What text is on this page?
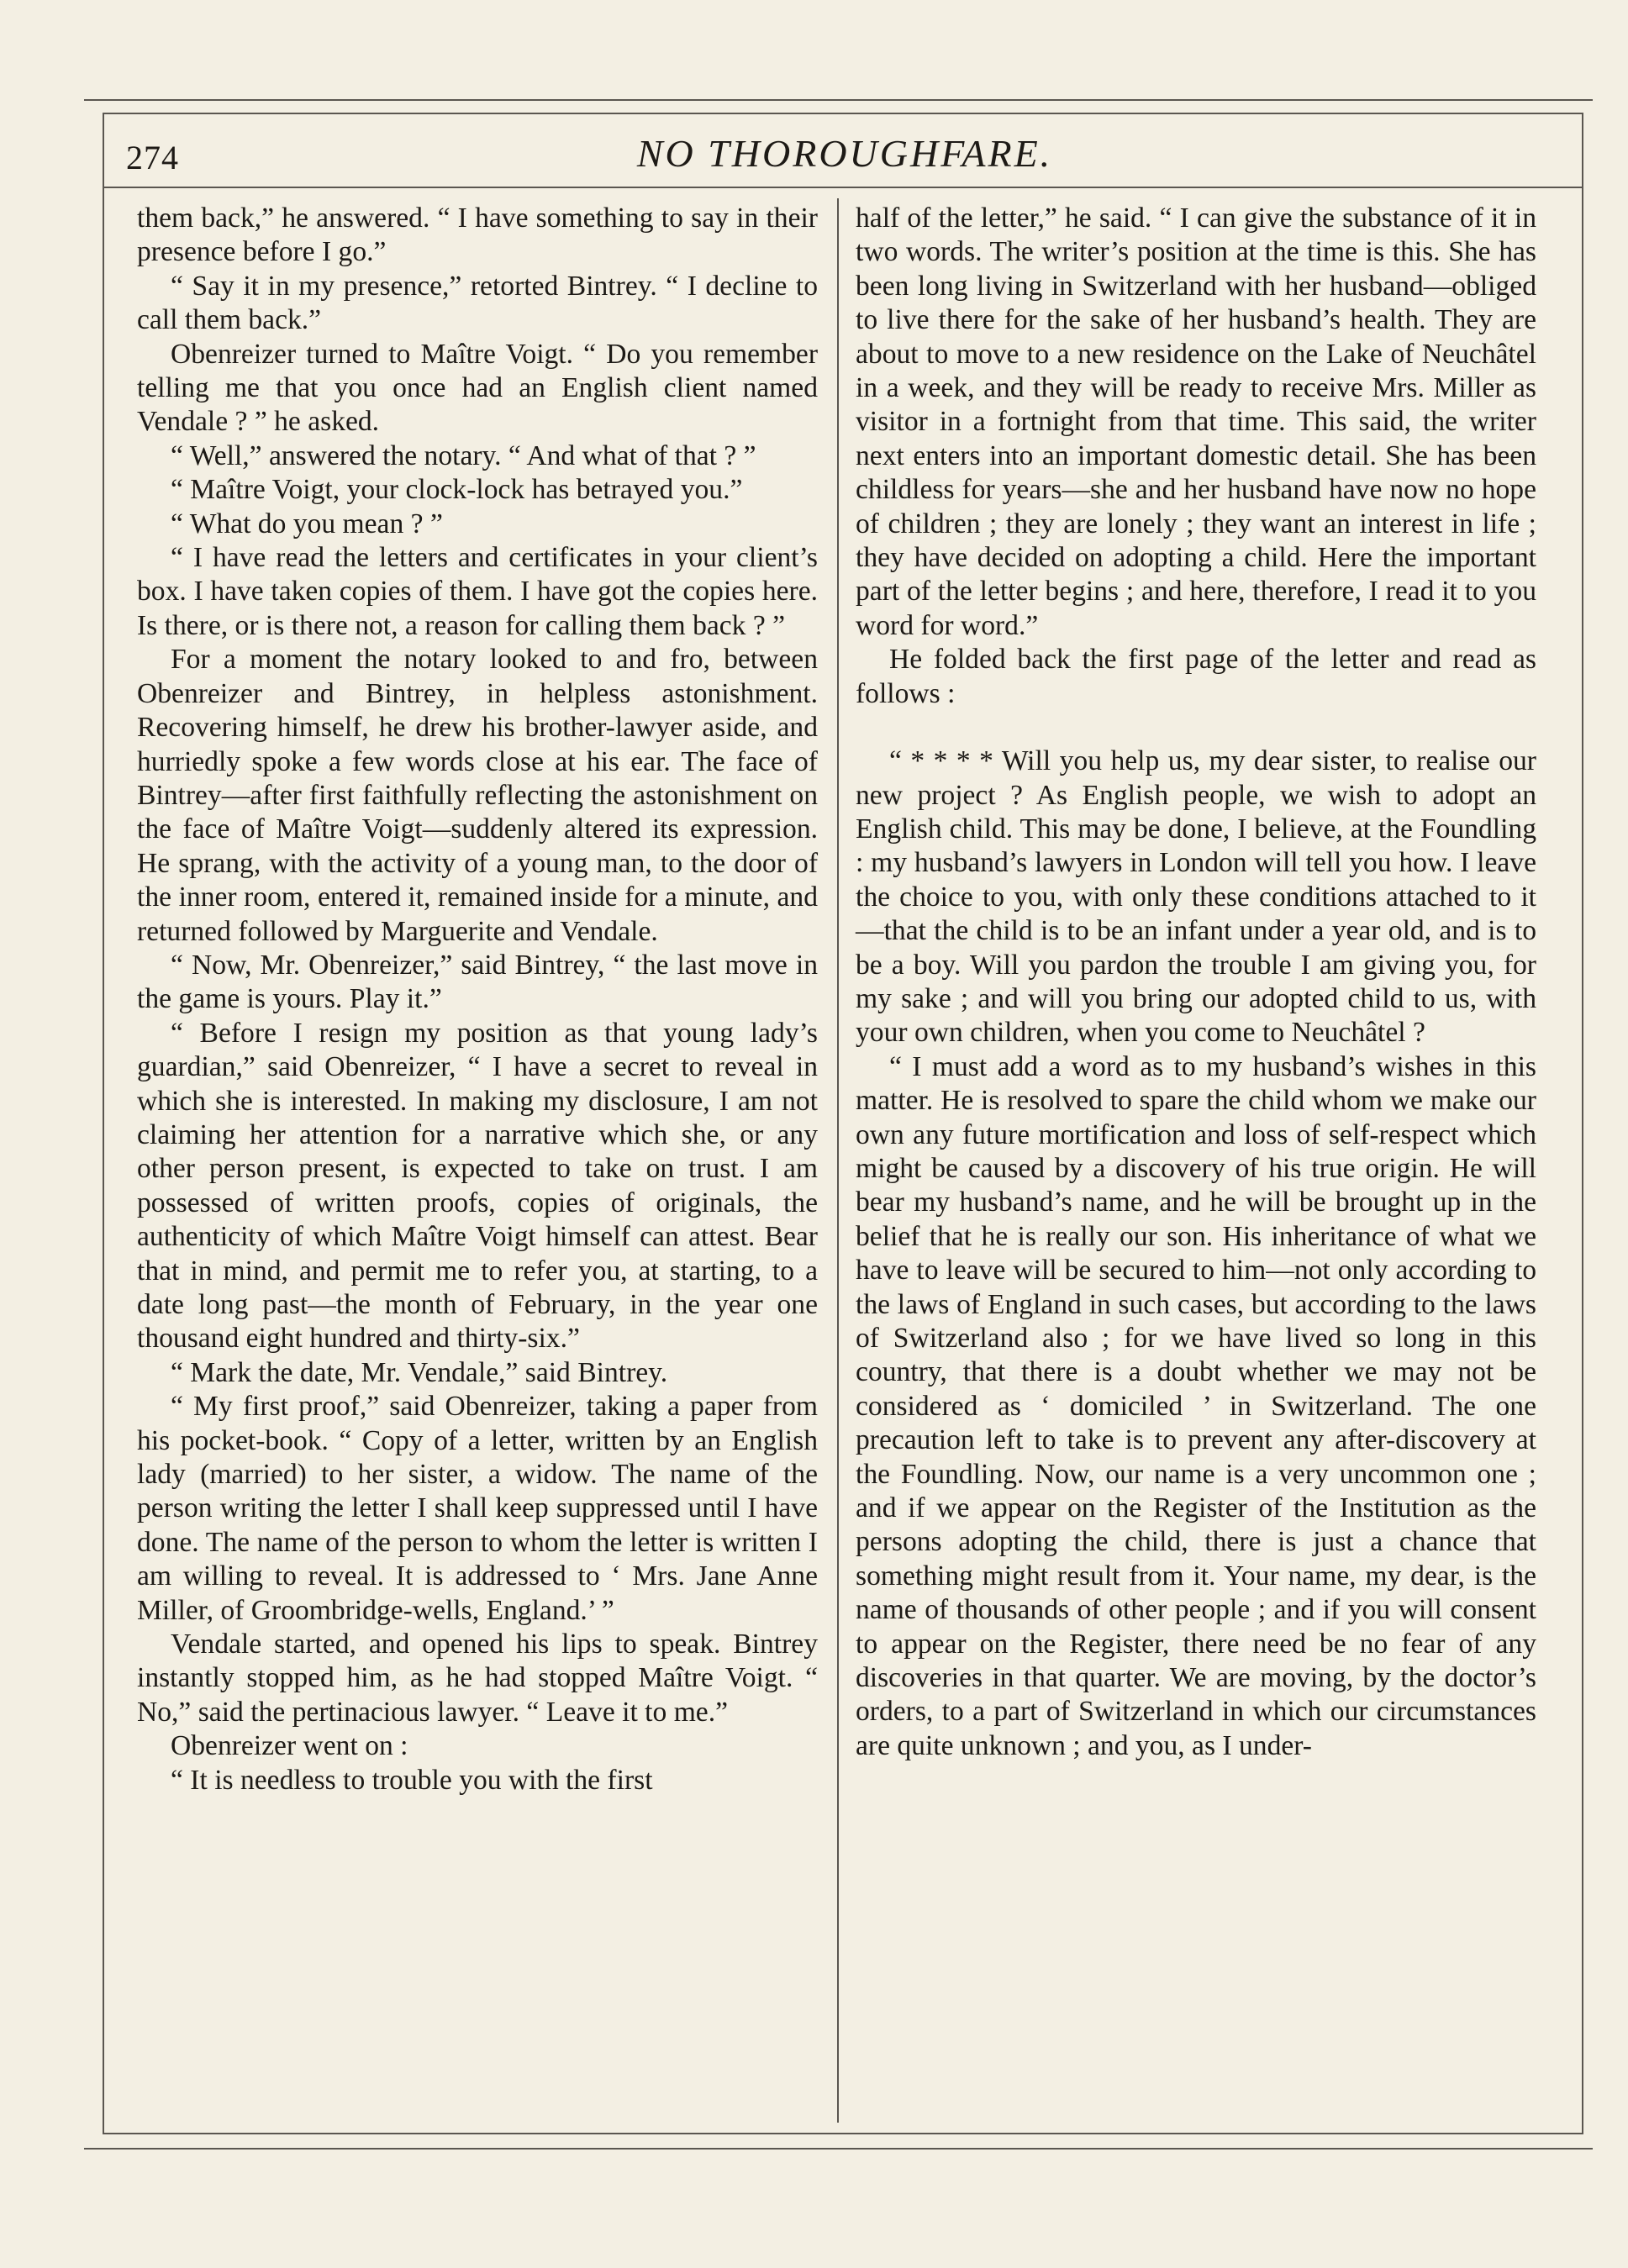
274	NO THOROUGHFARE.

them back,” he answered. “ I have something to say in their presence before I go.”

“ Say it in my presence,” retorted Bintrey. “ I decline to call them back.”

Obenreizer turned to Maître Voigt. “ Do you remember telling me that you once had an English client named Vendale ? ” he asked.

“ Well,” answered the notary. “ And what of that ? ”

“ Maître Voigt, your clock-lock has betrayed you.”

“ What do you mean ? ”

“ I have read the letters and certificates in your client’s box. I have taken copies of them. I have got the copies here. Is there, or is there not, a reason for calling them back ? ”

For a moment the notary looked to and fro, between Obenreizer and Bintrey, in helpless astonishment. Recovering himself, he drew his brother-lawyer aside, and hurriedly spoke a few words close at his ear. The face of Bintrey—after first faithfully reflecting the astonishment on the face of Maître Voigt—suddenly altered its expression. He sprang, with the activity of a young man, to the door of the inner room, entered it, remained inside for a minute, and returned followed by Marguerite and Vendale.

“ Now, Mr. Obenreizer,” said Bintrey, “ the last move in the game is yours. Play it.”

“ Before I resign my position as that young lady’s guardian,” said Obenreizer, “ I have a secret to reveal in which she is interested. In making my disclosure, I am not claiming her attention for a narrative which she, or any other person present, is expected to take on trust. I am possessed of written proofs, copies of originals, the authenticity of which Maître Voigt himself can attest. Bear that in mind, and permit me to refer you, at starting, to a date long past—the month of February, in the year one thousand eight hundred and thirty-six.”

“ Mark the date, Mr. Vendale,” said Bintrey.

“ My first proof,” said Obenreizer, taking a paper from his pocket-book. “ Copy of a letter, written by an English lady (married) to her sister, a widow. The name of the person writing the letter I shall keep suppressed until I have done. The name of the person to whom the letter is written I am willing to reveal. It is addressed to ‘ Mrs. Jane Anne Miller, of Groombridge-wells, England.’ ”

Vendale started, and opened his lips to speak. Bintrey instantly stopped him, as he had stopped Maître Voigt. “ No,” said the pertinacious lawyer. “ Leave it to me.”

Obenreizer went on :

“ It is needless to trouble you with the first

half of the letter,” he said. “ I can give the substance of it in two words. The writer’s position at the time is this. She has been long living in Switzerland with her husband—obliged to live there for the sake of her husband’s health. They are about to move to a new residence on the Lake of Neuchâtel in a week, and they will be ready to receive Mrs. Miller as visitor in a fortnight from that time. This said, the writer next enters into an important domestic detail. She has been childless for years—she and her husband have now no hope of children ; they are lonely ; they want an interest in life ; they have decided on adopting a child. Here the important part of the letter begins ; and here, therefore, I read it to you word for word.”

He folded back the first page of the letter and read as follows :

“ * * * * Will you help us, my dear sister, to realise our new project ? As English people, we wish to adopt an English child. This may be done, I believe, at the Foundling : my husband’s lawyers in London will tell you how. I leave the choice to you, with only these conditions attached to it—that the child is to be an infant under a year old, and is to be a boy. Will you pardon the trouble I am giving you, for my sake ; and will you bring our adopted child to us, with your own children, when you come to Neuchâtel ?

“ I must add a word as to my husband’s wishes in this matter. He is resolved to spare the child whom we make our own any future mortification and loss of self-respect which might be caused by a discovery of his true origin. He will bear my husband’s name, and he will be brought up in the belief that he is really our son. His inheritance of what we have to leave will be secured to him—not only according to the laws of England in such cases, but according to the laws of Switzerland also ; for we have lived so long in this country, that there is a doubt whether we may not be considered as ‘ domiciled ’ in Switzerland. The one precaution left to take is to prevent any after-discovery at the Foundling. Now, our name is a very uncommon one ; and if we appear on the Register of the Institution as the persons adopting the child, there is just a chance that something might result from it. Your name, my dear, is the name of thousands of other people ; and if you will consent to appear on the Register, there need be no fear of any discoveries in that quarter. We are moving, by the doctor’s orders, to a part of Switzerland in which our circumstances are quite unknown ; and you, as I under-
